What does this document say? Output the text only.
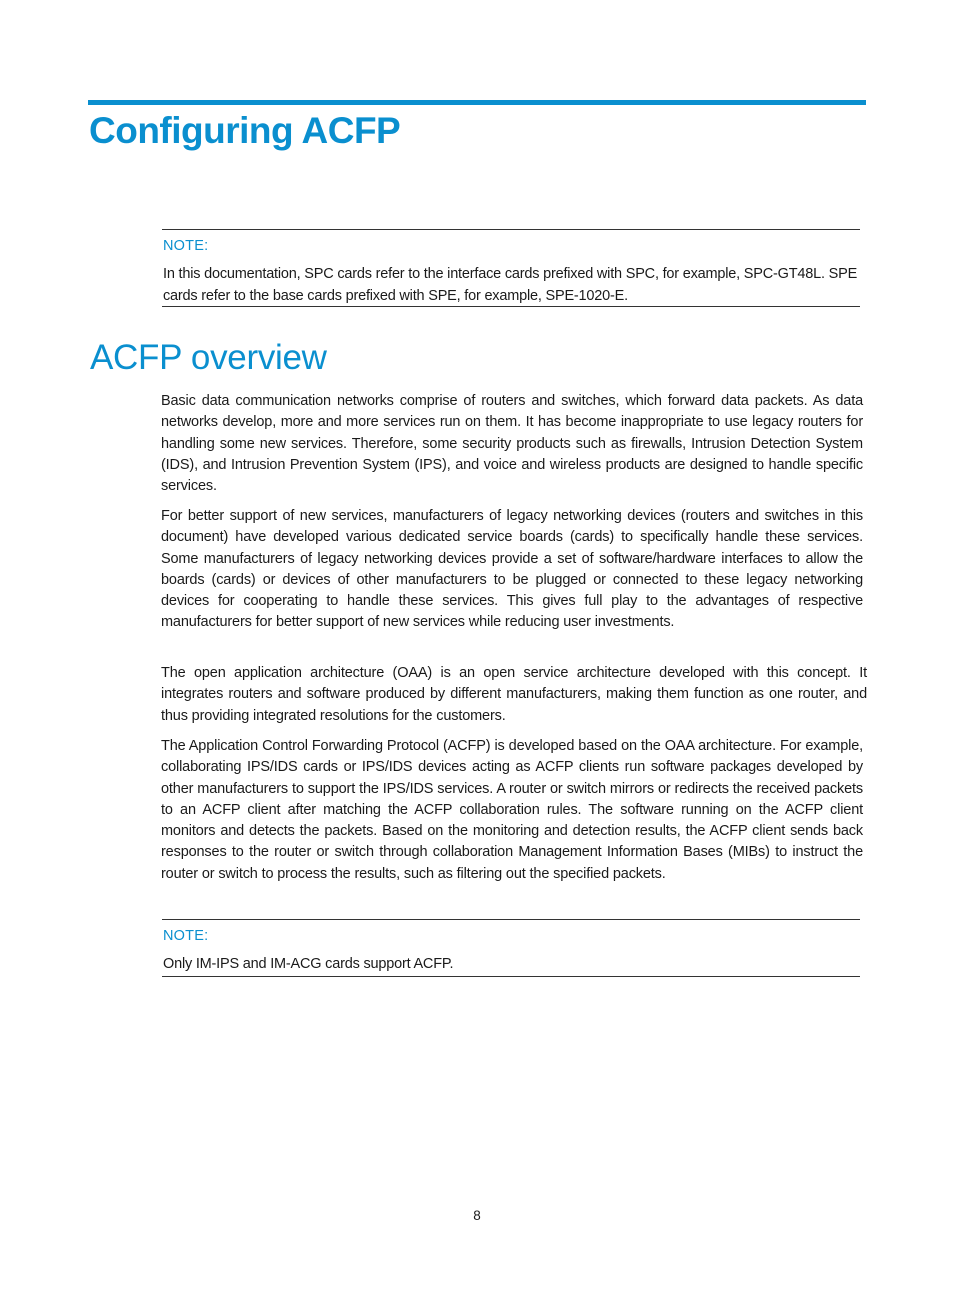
Configuring ACFP
NOTE:
In this documentation, SPC cards refer to the interface cards prefixed with SPC, for example, SPC-GT48L. SPE cards refer to the base cards prefixed with SPE, for example, SPE-1020-E.
ACFP overview

Basic data communication networks comprise of routers and switches, which forward data packets. As data networks develop, more and more services run on them. It has become inappropriate to use legacy routers for handling some new services. Therefore, some security products such as firewalls, Intrusion Detection System (IDS), and Intrusion Prevention System (IPS), and voice and wireless products are designed to handle specific services.

For better support of new services, manufacturers of legacy networking devices (routers and switches in this document) have developed various dedicated service boards (cards) to specifically handle these services. Some manufacturers of legacy networking devices provide a set of software/hardware interfaces to allow the boards (cards) or devices of other manufacturers to be plugged or connected to these legacy networking devices for cooperating to handle these services. This gives full play to the advantages of respective manufacturers for better support of new services while reducing user investments.

The open application architecture (OAA) is an open service architecture developed with this concept. It integrates routers and software produced by different manufacturers, making them function as one router, and thus providing integrated resolutions for the customers.

The Application Control Forwarding Protocol (ACFP) is developed based on the OAA architecture. For example, collaborating IPS/IDS cards or IPS/IDS devices acting as ACFP clients run software packages developed by other manufacturers to support the IPS/IDS services. A router or switch mirrors or redirects the received packets to an ACFP client after matching the ACFP collaboration rules. The software running on the ACFP client monitors and detects the packets. Based on the monitoring and detection results, the ACFP client sends back responses to the router or switch through collaboration Management Information Bases (MIBs) to instruct the router or switch to process the results, such as filtering out the specified packets.

NOTE:
Only IM-IPS and IM-ACG cards support ACFP.
8
